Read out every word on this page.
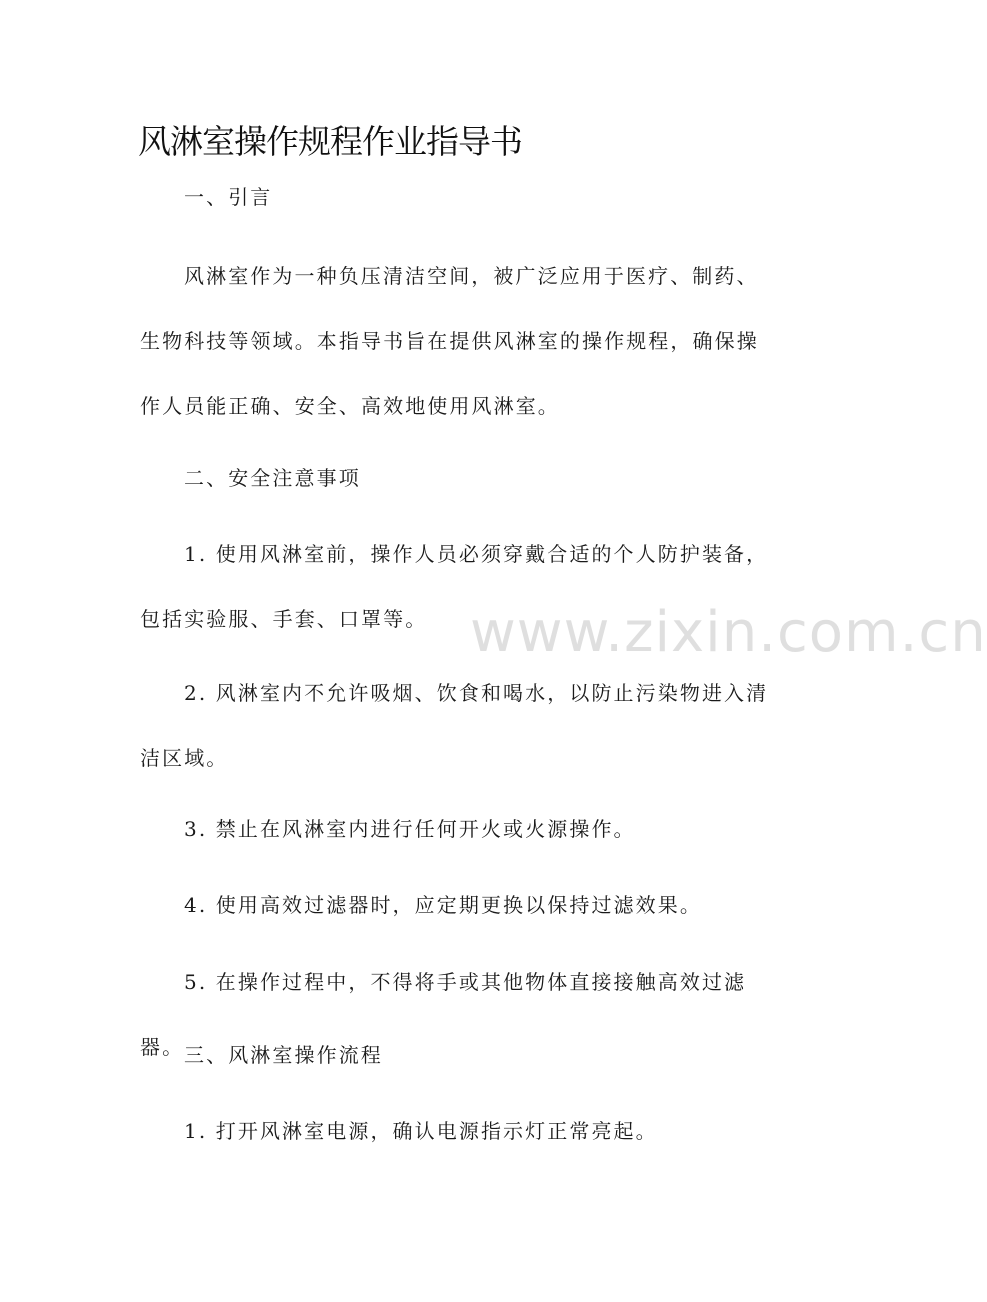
风淋室操作规程作业指导书

一、引言

风淋室作为一种负压清洁空间，被广泛应用于医疗、制药、生物科技等领域。本指导书旨在提供风淋室的操作规程，确保操作人员能正确、安全、高效地使用风淋室。

二、安全注意事项

1. 使用风淋室前，操作人员必须穿戴合适的个人防护装备，包括实验服、手套、口罩等。

2. 风淋室内不允许吸烟、饮食和喝水，以防止污染物进入清洁区域。

3. 禁止在风淋室内进行任何开火或火源操作。

4. 使用高效过滤器时，应定期更换以保持过滤效果。

5. 在操作过程中，不得将手或其他物体直接接触高效过滤器。 三、风淋室操作流程

1. 打开风淋室电源，确认电源指示灯正常亮起。

www.zixin.com.cn
